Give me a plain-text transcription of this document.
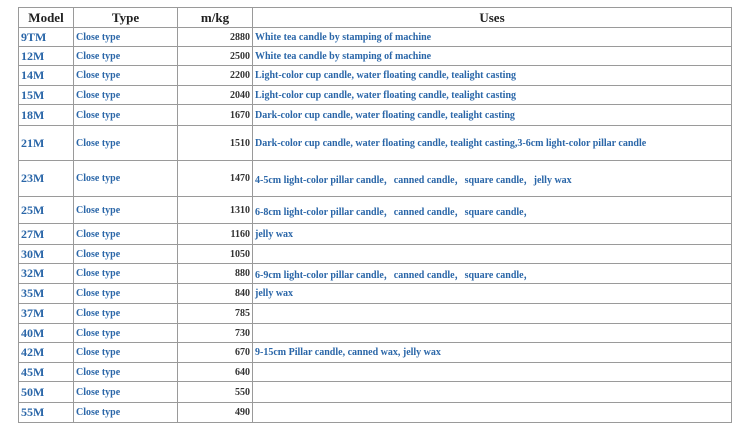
Model	Type	m/kg	Uses
9TM	Close type	2880	White tea candle by stamping of machine
12M	Close type	2500	White tea candle by stamping of machine
14M	Close type	2200	Light-color cup candle, water floating candle, tealight casting
15M	Close type	2040	Light-color cup candle, water floating candle, tealight casting
18M	Close type	1670	Dark-color cup candle, water floating candle, tealight casting
21M	Close type	1510	Dark-color cup candle, water floating candle, tealight casting,3-6cm light-color pillar candle
23M	Close type	1470	4-5cm light-color pillar candle，canned candle，square candle，jelly wax
25M	Close type	1310	6-8cm light-color pillar candle，canned candle，square candle，
27M	Close type	1160	jelly wax
30M	Close type	1050	
32M	Close type	880	6-9cm light-color pillar candle，canned candle，square candle，
35M	Close type	840	jelly wax
37M	Close type	785	
40M	Close type	730	
42M	Close type	670	9-15cm Pillar candle, canned wax, jelly wax
45M	Close type	640	
50M	Close type	550	
55M	Close type	490	
